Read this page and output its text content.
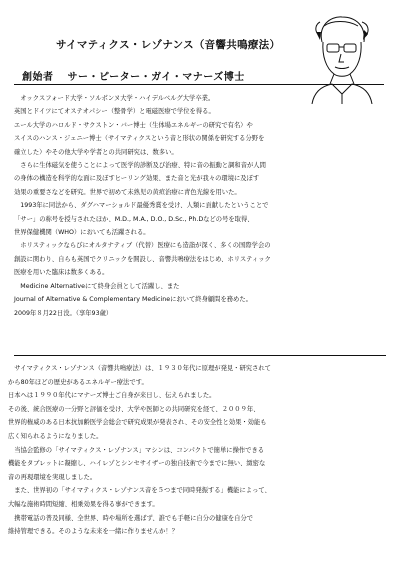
サイマティクス・レゾナンス（音響共鳴療法）
創始者 サー・ピーター・ガイ・マナーズ博士

　オックスフォード大学・ソルボンヌ大学・ハイデルベルグ大学卒業。

英国とドイツにてオステオパシー（整骨学）と電磁医療で学位を得る。

エール大学のハロルド・サクストン・バー博士（生体場エネルギーの研究で有名）や

スイスのハンス・ジェニー博士（サイマティクスという音と形状の関係を研究する分野を

確立した）やその他大学や学者との共同研究は、数多い。

　さらに生体磁気を使うことによって医学的診断及び治療、特に音の振動と調和音が人間

の身体の構造を科学的な面に及ぼすヒーリング効果、また音と光が我々の環境に及ぼす

効果の重要さなどを研究。世界で初めて未熟児の黄疸治療に青色光線を用いた。

　1993年に同法から、ダグハマーショルド最優秀賞を受け、人類に貢献したということで

「サー」の称号を授与されたほか、M.D., M.A., D.O., D.Sc., Ph.Dなどの号を取得、

世界保健機関（WHO）においても活躍される。

　ホリスティックならびにオルタナティブ（代替）医療にも造詣が深く、多くの国際学会の

創設に関わり、自らも英国でクリニックを開設し、音響共鳴療法をはじめ、ホリスティック

医療を用いた臨床は数多くある。

　Medicine Alternativeにて終身会員として活躍し、また

Journal of Alternative & Complementary Medicineにおいて終身顧問を務めた。

2009年８月22日没。（享年93歳）

　サイマティクス・レゾナンス（音響共鳴療法）は、１９３０年代に原理が発見・研究されて

から80年ほどの歴史があるエネルギー療法です。

日本へは１９９０年代にマナーズ博士ご自身が来日し、伝えられました。

その後、統合医療の一分野と評価を受け、大学や医師との共同研究を経て、２００９年、

世界的権威のある日本抗加齢医学会総会で研究成果が発表され、その安全性と効果・効能も

広く知られるようになりました。

　当協会監修の「サイマティクス・レゾナンス」マシンは、コンパクトで簡単に操作できる

機能をタブレットに凝縮し、ハイレゾとシンセサイザーの独自技術で今までに無い、緻密な

音の再現環境を実現しました。

　また、世界初の「サイマティクス・レゾナンス音を５つまで同時発振する」機能によって、

大幅な施術時間短縮、相乗効果を得る事ができます。

　携帯電話の普及同様、全世界、時や場所を選ばず、誰でも手軽に自分の健康を自分で

維持管理できる。そのような未来を一緒に作りませんか！？
